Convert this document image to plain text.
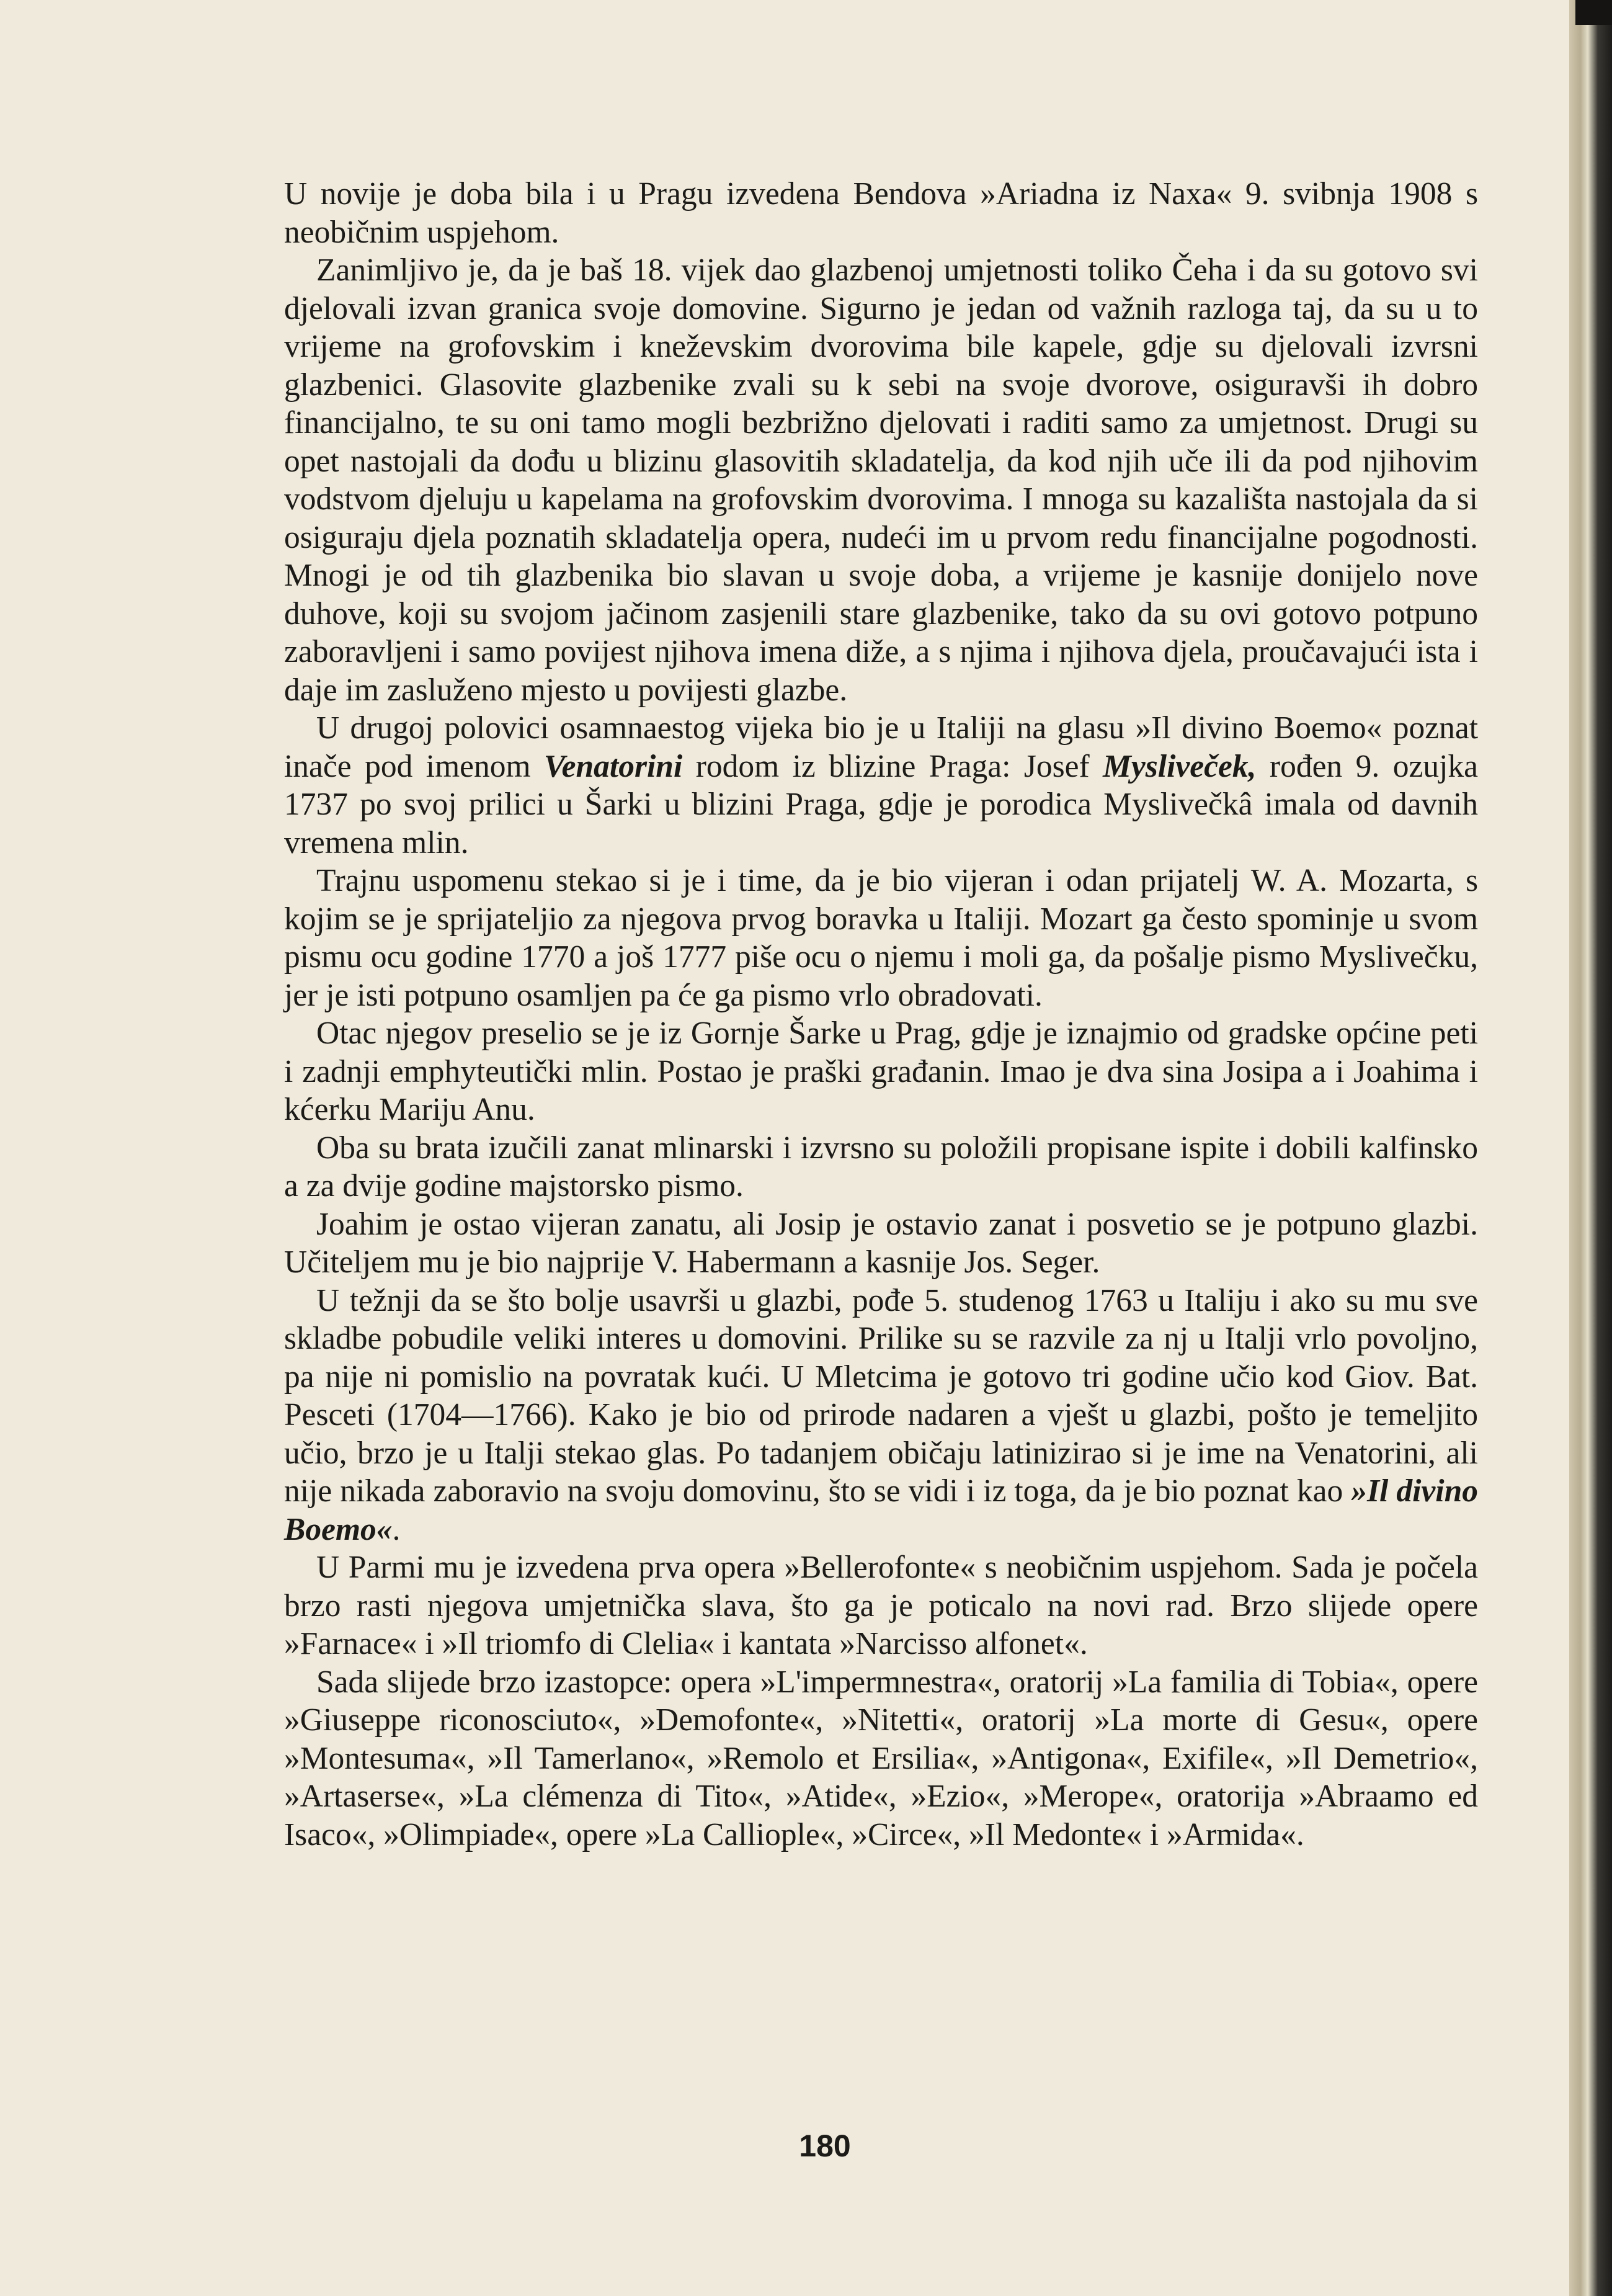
U novije je doba bila i u Pragu izvedena Bendova »Ariadna iz Naxa« 9. svibnja 1908 s neobičnim uspjehom.

Zanimljivo je, da je baš 18. vijek dao glazbenoj umjetnosti toliko Čeha i da su gotovo svi djelovali izvan granica svoje domovine. Sigurno je jedan od važnih razloga taj, da su u to vrijeme na grofovskim i kneževskim dvorovima bile kapele, gdje su djelovali izvrsni glazbenici. Glasovite glazbenike zvali su k sebi na svoje dvorove, osiguravši ih dobro financijalno, te su oni tamo mogli bezbrižno djelovati i raditi samo za umjetnost. Drugi su opet nastojali da dođu u blizinu glasovitih skladatelja, da kod njih uče ili da pod njihovim vodstvom djeluju u kapelama na grofovskim dvorovima. I mnoga su kazališta nastojala da si osiguraju djela poznatih skladatelja opera, nudeći im u prvom redu financijalne pogodnosti. Mnogi je od tih glazbenika bio slavan u svoje doba, a vrijeme je kasnije donijelo nove duhove, koji su svojom jačinom zasjenili stare glazbenike, tako da su ovi gotovo potpuno zaboravljeni i samo povijest njihova imena diže, a s njima i njihova djela, proučavajući ista i daje im zasluženo mjesto u povijesti glazbe.

U drugoj polovici osamnaestog vijeka bio je u Italiji na glasu »Il divino Boemo« poznat inače pod imenom Venatorini rodom iz blizine Praga: Josef Mysliveček, rođen 9. ozujka 1737 po svoj prilici u Šarki u blizini Praga, gdje je porodica Myslivečkâ imala od davnih vremena mlin.

Trajnu uspomenu stekao si je i time, da je bio vijeran i odan prijatelj W. A. Mozarta, s kojim se je sprijateljio za njegova prvog boravka u Italiji. Mozart ga često spominje u svom pismu ocu godine 1770 a još 1777 piše ocu o njemu i moli ga, da pošalje pismo Myslivečku, jer je isti potpuno osamljen pa će ga pismo vrlo obradovati.

Otac njegov preselio se je iz Gornje Šarke u Prag, gdje je iznajmio od gradske općine peti i zadnji emphyteutički mlin. Postao je praški građanin. Imao je dva sina Josipa a i Joahima i kćerku Mariju Anu.

Oba su brata izučili zanat mlinarski i izvrsno su položili propisane ispite i dobili kalfinsko a za dvije godine majstorsko pismo.

Joahim je ostao vijeran zanatu, ali Josip je ostavio zanat i posvetio se je potpuno glazbi. Učiteljem mu je bio najprije V. Habermann a kasnije Jos. Seger.

U težnji da se što bolje usavrši u glazbi, pođe 5. studenog 1763 u Italiju i ako su mu sve skladbe pobudile veliki interes u domovini. Prilike su se razvile za nj u Italji vrlo povoljno, pa nije ni pomislio na povratak kući. U Mletcima je gotovo tri godine učio kod Giov. Bat. Pesceti (1704—1766). Kako je bio od prirode nadaren a vješt u glazbi, pošto je temeljito učio, brzo je u Italji stekao glas. Po tadanjem običaju latinizirao si je ime na Venatorini, ali nije nikada zaboravio na svoju domovinu, što se vidi i iz toga, da je bio poznat kao »Il divino Boemo«.

U Parmi mu je izvedena prva opera »Bellerofonte« s neobičnim uspjehom. Sada je počela brzo rasti njegova umjetnička slava, što ga je poticalo na novi rad. Brzo slijede opere »Farnace« i »Il triomfo di Clelia« i kantata »Narcisso alfonet«.

Sada slijede brzo izastopce: opera »L'impermnestra«, oratorij »La familia di Tobia«, opere »Giuseppe riconosciuto«, »Demofonte«, »Nitetti«, oratorij »La morte di Gesu«, opere »Montesuma«, »Il Tamerlano«, »Remolo et Ersilia«, »Antigona«, Exifile«, »Il Demetrio«, »Artaserse«, »La clémenza di Tito«, »Atide«, »Ezio«, »Merope«, oratorija »Abraamo ed Isaco«, »Olimpiade«, opere »La Calliople«, »Circe«, »Il Medonte« i »Armida«.

180
